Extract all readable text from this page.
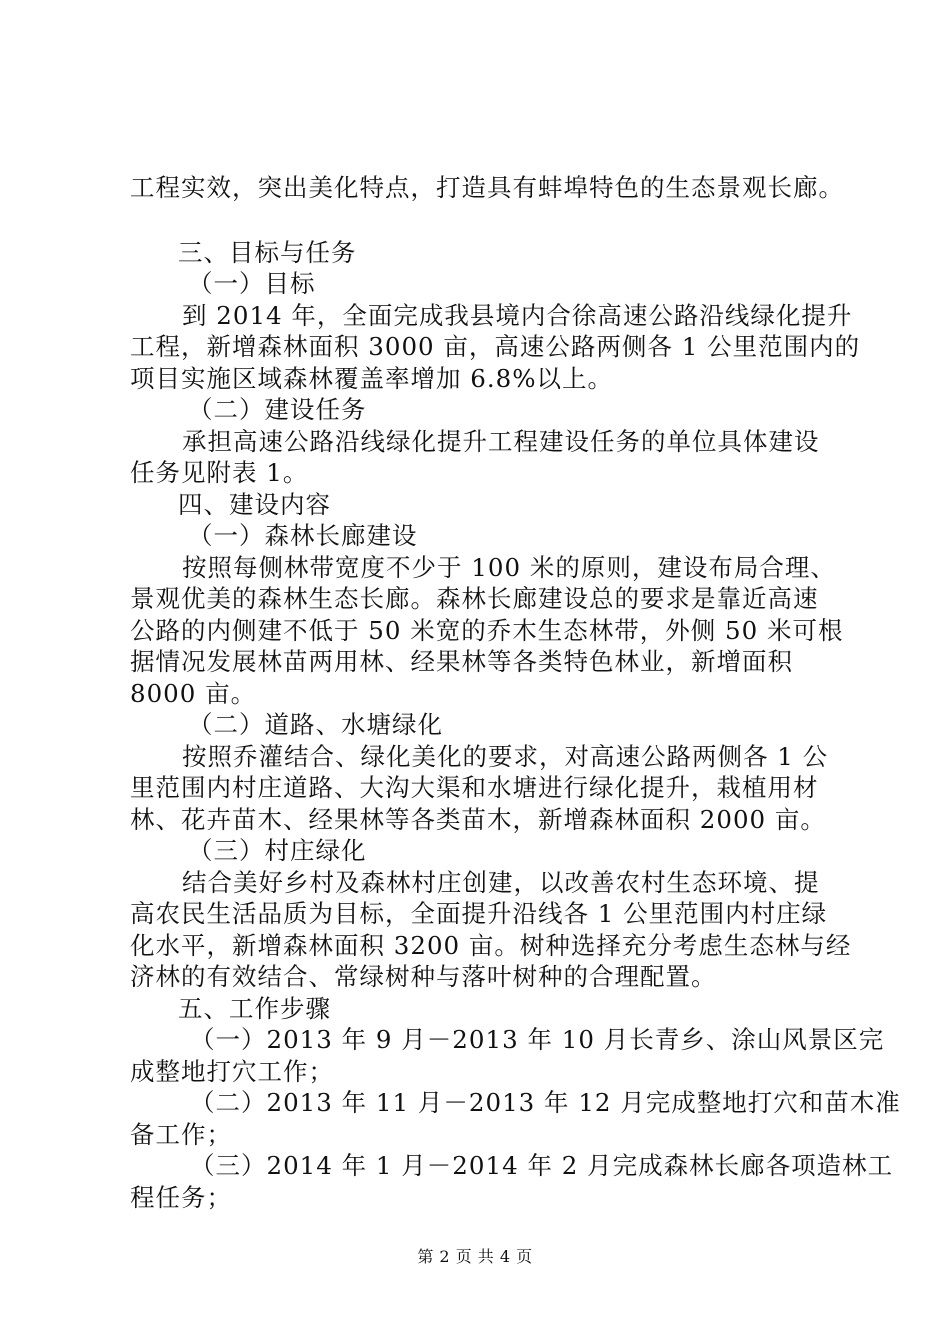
工程实效，突出美化特点，打造具有蚌埠特色的生态景观长廊。

三、目标与任务

（一）目标

到 2014 年，全面完成我县境内合徐高速公路沿线绿化提升

工程，新增森林面积 3000 亩，高速公路两侧各 1 公里范围内的

项目实施区域森林覆盖率增加 6.8%以上。

（二）建设任务

承担高速公路沿线绿化提升工程建设任务的单位具体建设

任务见附表 1。

四、建设内容

（一）森林长廊建设

按照每侧林带宽度不少于 100 米的原则，建设布局合理、

景观优美的森林生态长廊。森林长廊建设总的要求是靠近高速

公路的内侧建不低于 50 米宽的乔木生态林带，外侧 50 米可根

据情况发展林苗两用林、经果林等各类特色林业，新增面积

8000 亩。

（二）道路、水塘绿化

按照乔灌结合、绿化美化的要求，对高速公路两侧各 1 公

里范围内村庄道路、大沟大渠和水塘进行绿化提升，栽植用材

林、花卉苗木、经果林等各类苗木，新增森林面积 2000 亩。

（三）村庄绿化

结合美好乡村及森林村庄创建，以改善农村生态环境、提

高农民生活品质为目标，全面提升沿线各 1 公里范围内村庄绿

化水平，新增森林面积 3200 亩。树种选择充分考虑生态林与经

济林的有效结合、常绿树种与落叶树种的合理配置。

五、工作步骤

（一）2013 年 9 月－2013 年 10 月长青乡、涂山风景区完

成整地打穴工作；

（二）2013 年 11 月－2013 年 12 月完成整地打穴和苗木准

备工作；

（三）2014 年 1 月－2014 年 2 月完成森林长廊各项造林工

程任务；

第 2 页 共 4 页
